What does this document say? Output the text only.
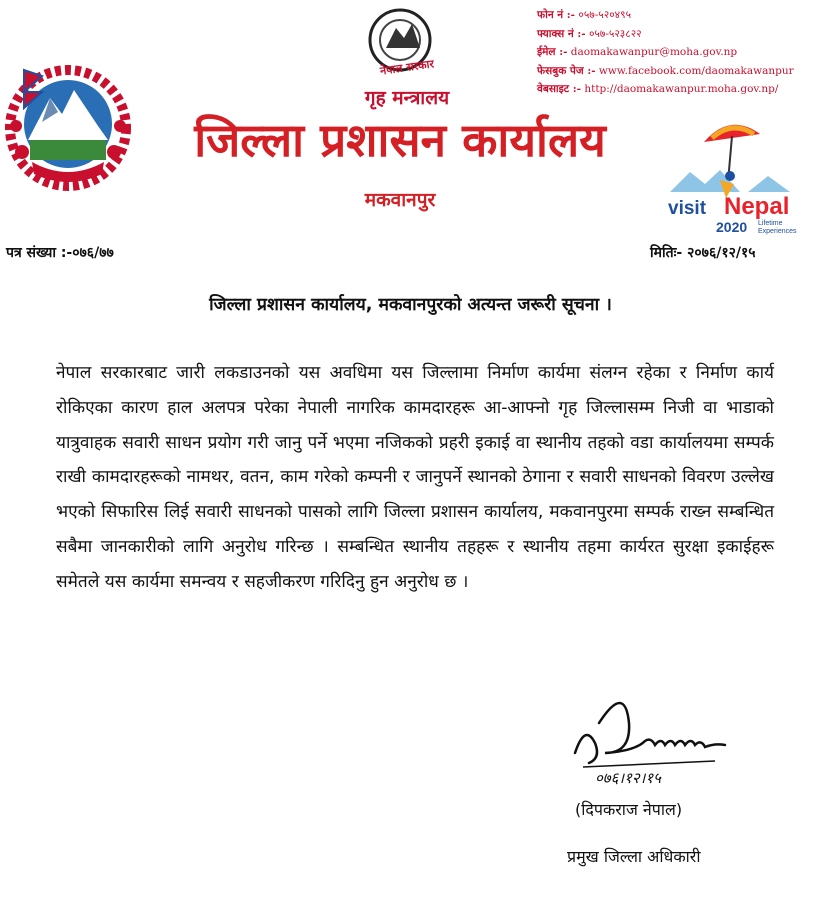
नेपाल सरकार
गृह मन्त्रालय
फोन नं :- ०५७-५२०४९५
फ्याक्स नं :- ०५७-५२३८२२
ईमेल :- daomakawanpur@moha.gov.np
फेसबुक पेज :- www.facebook.com/daomakawanpur
वेबसाइट :- http://daomakawanpur.moha.gov.np/
जिल्ला प्रशासन कार्यालय
मकवानपुर	visit Nepal
2020 Lifetime
Experiences
पत्र संख्या :-०७६/७७	मितिः- २०७६/१२/१५
जिल्ला प्रशासन कार्यालय, मकवानपुरको अत्यन्त जरूरी सूचना ।
नेपाल सरकारबाट जारी लकडाउनको यस अवधिमा यस जिल्लामा निर्माण कार्यमा संलग्न रहेका र निर्माण कार्य रोकिएका कारण हाल अलपत्र परेका नेपाली नागरिक कामदारहरू आ-आफ्नो गृह जिल्लासम्म निजी वा भाडाको यात्रुवाहक सवारी साधन प्रयोग गरी जानु पर्ने भएमा नजिकको प्रहरी इकाई वा स्थानीय तहको वडा कार्यालयमा सम्पर्क राखी कामदारहरूको नामथर, वतन, काम गरेको कम्पनी र जानुपर्ने स्थानको ठेगाना र सवारी साधनको विवरण उल्लेख भएको सिफारिस लिई सवारी साधनको पासको लागि जिल्ला प्रशासन कार्यालय, मकवानपुरमा सम्पर्क राख्न सम्बन्धित सबैमा जानकारीको लागि अनुरोध गरिन्छ । सम्बन्धित स्थानीय तहहरू र स्थानीय तहमा कार्यरत सुरक्षा इकाईहरू समेतले यस कार्यमा समन्वय र सहजीकरण गरिदिनु हुन अनुरोध छ ।
०७६।१२।१५
(दिपकराज नेपाल)
प्रमुख जिल्ला अधिकारी
